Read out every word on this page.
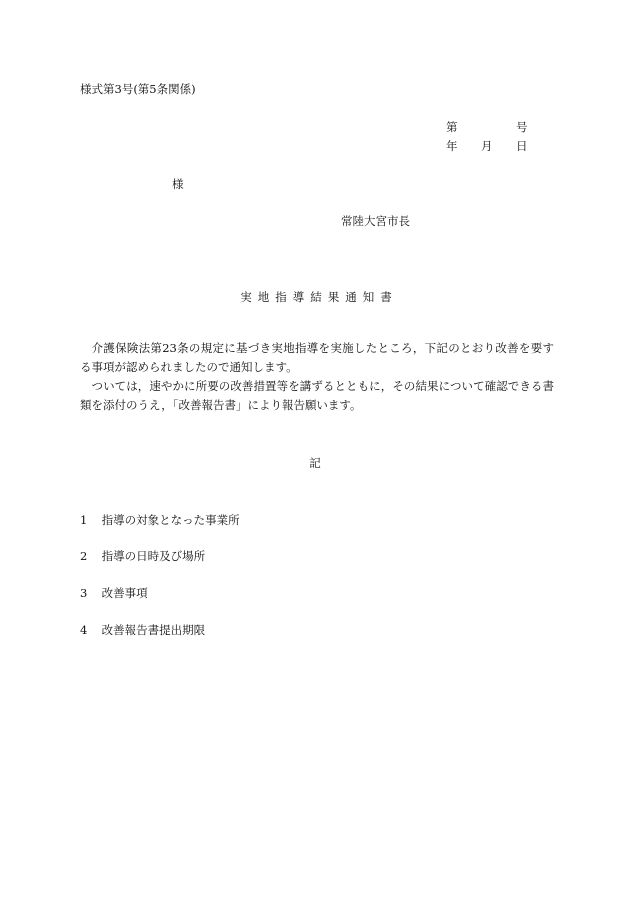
様式第3号(第5条関係)
第	号
年 月 日
様
常陸大宮市長
実地指導結果通知書

介護保険法第23条の規定に基づき実地指導を実施したところ，下記のとおり改善を要する事項が認められましたので通知します。

ついては，速やかに所要の改善措置等を講ずるとともに，その結果について確認できる書類を添付のうえ，「改善報告書」により報告願います。

記
1 指導の対象となった事業所
2 指導の日時及び場所
3 改善事項
4 改善報告書提出期限
